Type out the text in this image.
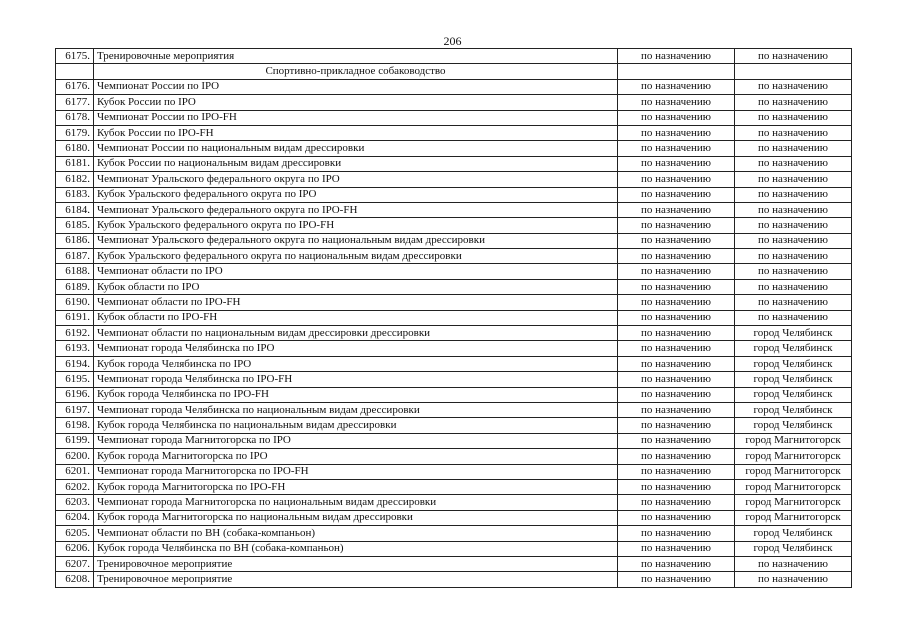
206
6175.	Тренировочные мероприятия	по назначению	по назначению
	Спортивно-прикладное собаководство		
6176.	Чемпионат России по IPO	по назначению	по назначению
6177.	Кубок России по IPO	по назначению	по назначению
6178.	Чемпионат России по IPO-FH	по назначению	по назначению
6179.	Кубок России по IPO-FH	по назначению	по назначению
6180.	Чемпионат России по национальным видам дрессировки	по назначению	по назначению
6181.	Кубок России по национальным видам дрессировки	по назначению	по назначению
6182.	Чемпионат Уральского федерального округа по IPO	по назначению	по назначению
6183.	Кубок Уральского федерального округа по IPO	по назначению	по назначению
6184.	Чемпионат Уральского федерального округа по IPO-FH	по назначению	по назначению
6185.	Кубок Уральского федерального округа по IPO-FH	по назначению	по назначению
6186.	Чемпионат Уральского федерального округа по национальным видам дрессировки	по назначению	по назначению
6187.	Кубок Уральского федерального округа по национальным видам дрессировки	по назначению	по назначению
6188.	Чемпионат области по IPO	по назначению	по назначению
6189.	Кубок области по IPO	по назначению	по назначению
6190.	Чемпионат области по IPO-FH	по назначению	по назначению
6191.	Кубок области по IPO-FH	по назначению	по назначению
6192.	Чемпионат области по национальным видам дрессировки дрессировки	по назначению	город Челябинск
6193.	Чемпионат города Челябинска по IPO	по назначению	город Челябинск
6194.	Кубок города Челябинска по IPO	по назначению	город Челябинск
6195.	Чемпионат города Челябинска по IPO-FH	по назначению	город Челябинск
6196.	Кубок города Челябинска по IPO-FH	по назначению	город Челябинск
6197.	Чемпионат города Челябинска по национальным видам дрессировки	по назначению	город Челябинск
6198.	Кубок города Челябинска по национальным видам дрессировки	по назначению	город Челябинск
6199.	Чемпионат города Магнитогорска по IPO	по назначению	город Магнитогорск
6200.	Кубок города Магнитогорска по IPO	по назначению	город Магнитогорск
6201.	Чемпионат города Магнитогорска по IPO-FH	по назначению	город Магнитогорск
6202.	Кубок города Магнитогорска по IPO-FH	по назначению	город Магнитогорск
6203.	Чемпионат города Магнитогорска по национальным видам дрессировки	по назначению	город Магнитогорск
6204.	Кубок города Магнитогорска по национальным видам дрессировки	по назначению	город Магнитогорск
6205.	Чемпионат области по ВН (собака-компаньон)	по назначению	город Челябинск
6206.	Кубок города Челябинска по ВН (собака-компаньон)	по назначению	город Челябинск
6207.	Тренировочное мероприятие	по назначению	по назначению
6208.	Тренировочное мероприятие	по назначению	по назначению
